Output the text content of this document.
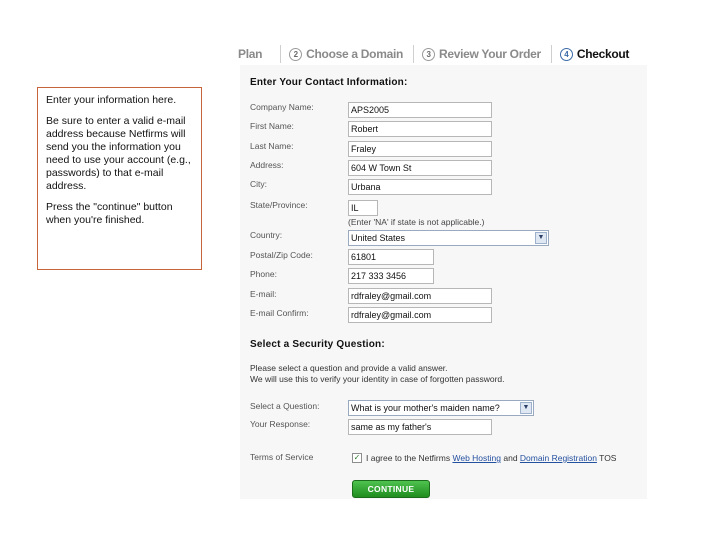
Enter your information here.

Be sure to enter a valid e-mail address because Netfirms will send you the information you need to use your account (e.g., passwords) to that e-mail address.

Press the "continue" button when you're finished.

Plan	2 Choose a Domain	3 Review Your Order	4 Checkout
Enter Your Contact Information:
Company Name:	APS2005
First Name:	Robert
Last Name:	Fraley
Address:	604 W Town St
City:	Urbana
State/Province:	IL
(Enter 'NA' if state is not applicable.)
Country:	United States	▼
Postal/Zip Code:	61801
Phone:	217 333 3456
E-mail:	rdfraley@gmail.com
E-mail Confirm:	rdfraley@gmail.com
Select a Security Question:
Please select a question and provide a valid answer.
We will use this to verify your identity in case of forgotten password.
Select a Question:	What is your mother's maiden name?	▼
Your Response:	same as my father's
Terms of Service	✓ I agree to the Netfirms Web Hosting and Domain Registration TOS
CONTINUE
